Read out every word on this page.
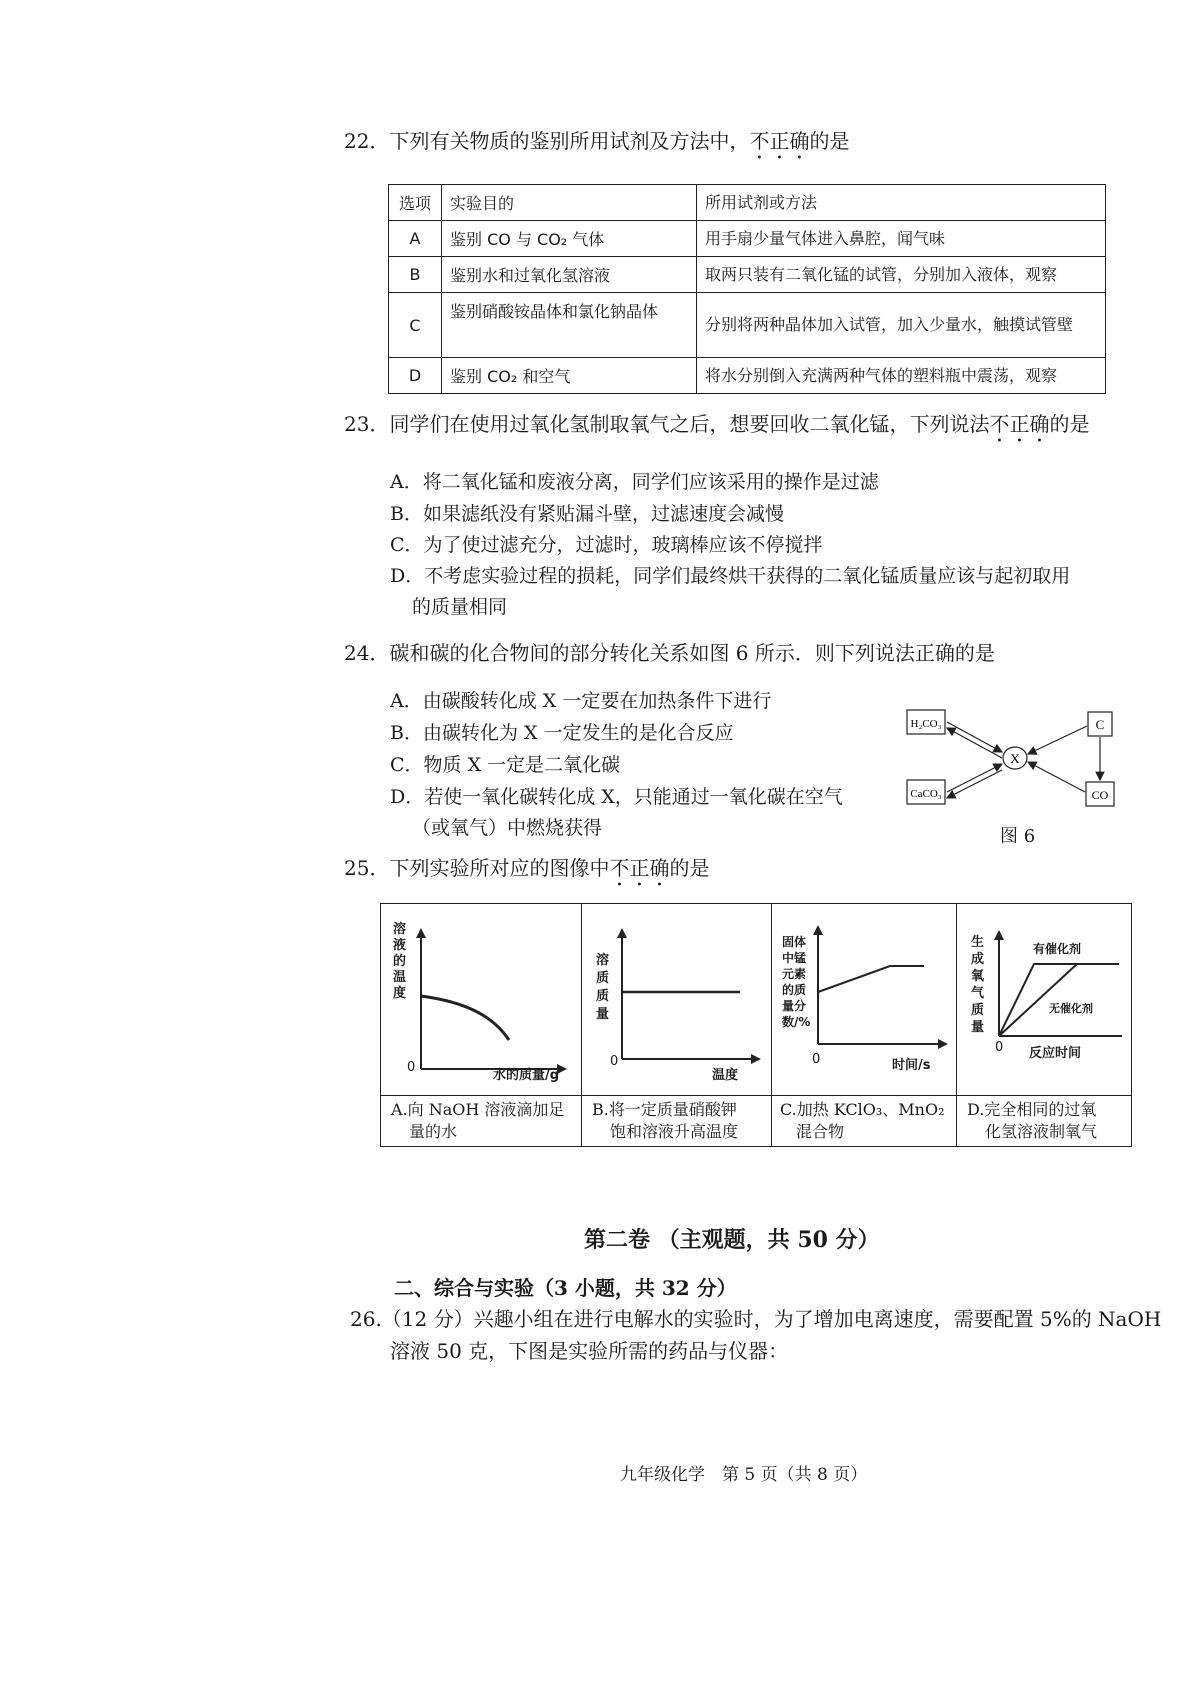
22．下列有关物质的鉴别所用试剂及方法中，不正确的是
选项	实验目的	所用试剂或方法
A	鉴别 CO 与 CO₂ 气体	用手扇少量气体进入鼻腔，闻气味
B	鉴别水和过氧化氢溶液	取两只装有二氧化锰的试管，分别加入液体，观察
C	鉴别硝酸铵晶体和氯化钠晶体	分别将两种晶体加入试管，加入少量水，触摸试管壁
D	鉴别 CO₂ 和空气	将水分别倒入充满两种气体的塑料瓶中震荡，观察
23．同学们在使用过氧化氢制取氧气之后，想要回收二氧化锰，下列说法不正确的是
A．将二氧化锰和废液分离，同学们应该采用的操作是过滤
B．如果滤纸没有紧贴漏斗壁，过滤速度会减慢
C．为了使过滤充分，过滤时，玻璃棒应该不停搅拌
D．不考虑实验过程的损耗，同学们最终烘干获得的二氧化锰质量应该与起初取用
的质量相同
24．碳和碳的化合物间的部分转化关系如图 6 所示．则下列说法正确的是
A．由碳酸转化成 X 一定要在加热条件下进行
B．由碳转化为 X 一定发生的是化合反应
C．物质 X 一定是二氧化碳
D．若使一氧化碳转化成 X，只能通过一氧化碳在空气
（或氧气）中燃烧获得
H₂CO₃
CaCO₃
X
C
CO
图 6
25．下列实验所对应的图像中不正确的是
溶
液
的
温
度
0
水的质量/g
A.向 NaOH 溶液滴加足
量的水
溶
质
质
量
0
温度
B.将一定质量硝酸钾
饱和溶液升高温度
固体
中锰
元素
的质
量分
数/%
0	时间/s
C.加热 KClO₃、MnO₂
混合物
生
成
氧
气
质
量
有催化剂
无催化剂
0 反应时间
D.完全相同的过氧
化氢溶液制氧气
第二卷 （主观题，共 50 分）
二、综合与实验（3 小题，共 32 分）
26.（12 分）兴趣小组在进行电解水的实验时，为了增加电离速度，需要配置 5%的 NaOH
溶液 50 克，下图是实验所需的药品与仪器：
九年级化学　第 5 页（共 8 页）
